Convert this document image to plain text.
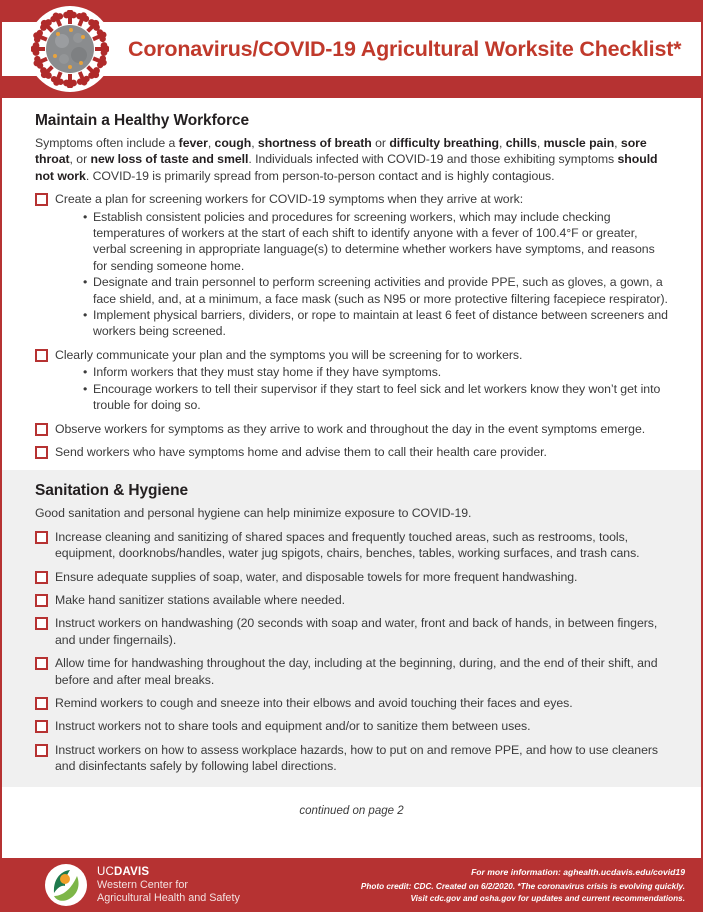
Coronavirus/COVID-19 Agricultural Worksite Checklist*
Maintain a Healthy Workforce
Symptoms often include a fever, cough, shortness of breath or difficulty breathing, chills, muscle pain, sore throat, or new loss of taste and smell. Individuals infected with COVID-19 and those exhibiting symptoms should not work. COVID-19 is primarily spread from person-to-person contact and is highly contagious.
Create a plan for screening workers for COVID-19 symptoms when they arrive at work:
• Establish consistent policies and procedures for screening workers, which may include checking temperatures of workers at the start of each shift to identify anyone with a fever of 100.4°F or greater, verbal screening in appropriate language(s) to determine whether workers have symptoms, and reasons for sending someone home.
• Designate and train personnel to perform screening activities and provide PPE, such as gloves, a gown, a face shield, and, at a minimum, a face mask (such as N95 or more protective filtering facepiece respirator).
• Implement physical barriers, dividers, or rope to maintain at least 6 feet of distance between screeners and workers being screened.
Clearly communicate your plan and the symptoms you will be screening for to workers.
• Inform workers that they must stay home if they have symptoms.
• Encourage workers to tell their supervisor if they start to feel sick and let workers know they won’t get into trouble for doing so.
Observe workers for symptoms as they arrive to work and throughout the day in the event symptoms emerge.
Send workers who have symptoms home and advise them to call their health care provider.
Sanitation & Hygiene
Good sanitation and personal hygiene can help minimize exposure to COVID-19.
Increase cleaning and sanitizing of shared spaces and frequently touched areas, such as restrooms, tools, equipment, doorknobs/handles, water jug spigots, chairs, benches, tables, working surfaces, and trash cans.
Ensure adequate supplies of soap, water, and disposable towels for more frequent handwashing.
Make hand sanitizer stations available where needed.
Instruct workers on handwashing (20 seconds with soap and water, front and back of hands, in between fingers, and under fingernails).
Allow time for handwashing throughout the day, including at the beginning, during, and the end of their shift, and before and after meal breaks.
Remind workers to cough and sneeze into their elbows and avoid touching their faces and eyes.
Instruct workers not to share tools and equipment and/or to sanitize them between uses.
Instruct workers on how to assess workplace hazards, how to put on and remove PPE, and how to use cleaners and disinfectants safely by following label directions.
continued on page 2
UCDAVIS
Western Center for
Agricultural Health and Safety
For more information: aghealth.ucdavis.edu/covid19
Photo credit: CDC. Created on 6/2/2020. *The coronavirus crisis is evolving quickly.
Visit cdc.gov and osha.gov for updates and current recommendations.
